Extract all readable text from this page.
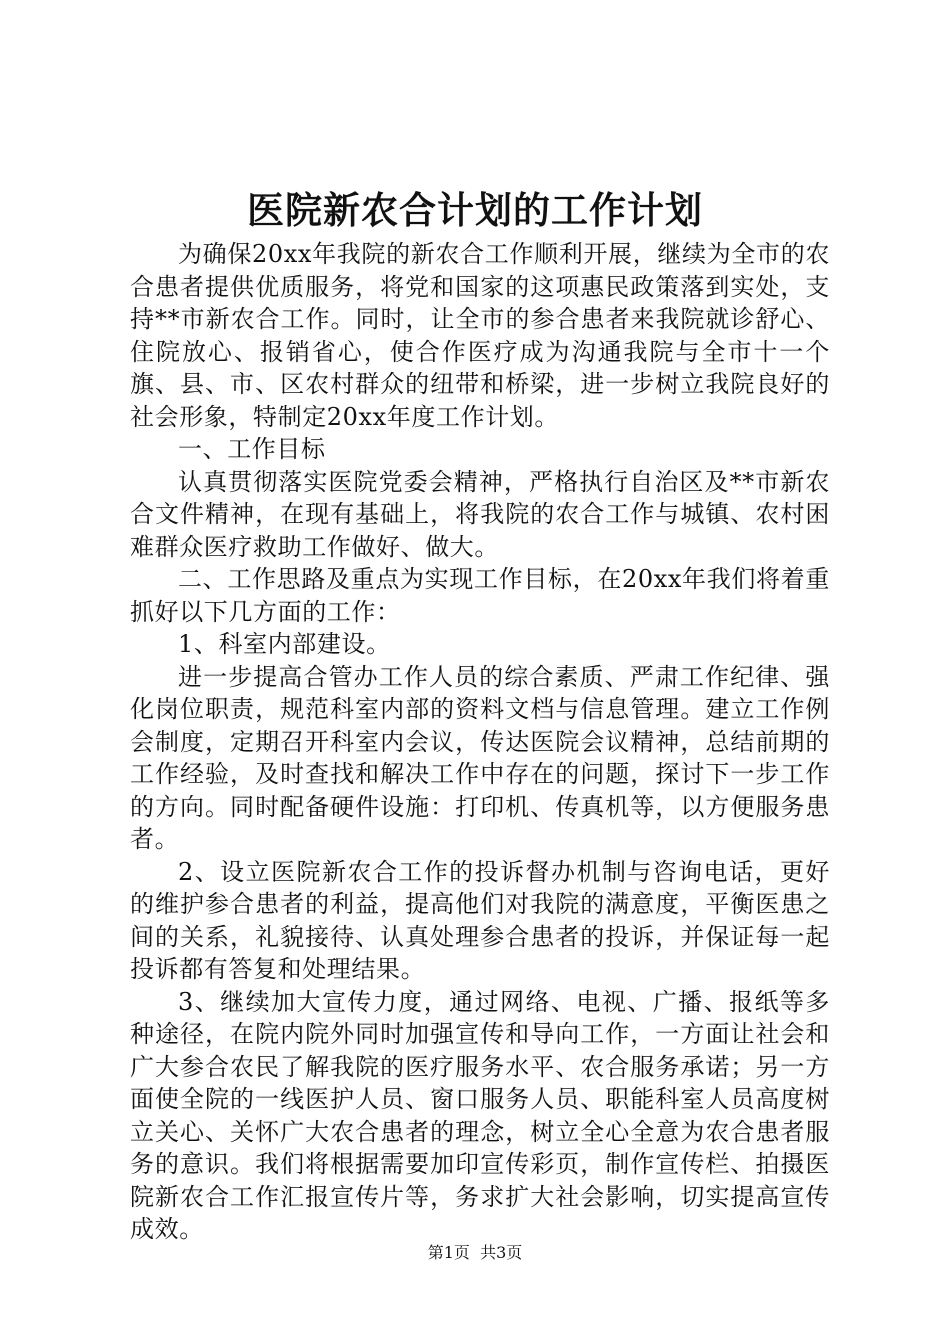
医院新农合计划的工作计划

为确保20xx年我院的新农合工作顺利开展，继续为全市的农合患者提供优质服务，将党和国家的这项惠民政策落到实处，支持**市新农合工作。同时，让全市的参合患者来我院就诊舒心、住院放心、报销省心，使合作医疗成为沟通我院与全市十一个旗、县、市、区农村群众的纽带和桥梁，进一步树立我院良好的社会形象，特制定20xx年度工作计划。

一、工作目标

认真贯彻落实医院党委会精神，严格执行自治区及**市新农合文件精神，在现有基础上，将我院的农合工作与城镇、农村困难群众医疗救助工作做好、做大。

二、工作思路及重点为实现工作目标，在20xx年我们将着重抓好以下几方面的工作：

1、科室内部建设。

进一步提高合管办工作人员的综合素质、严肃工作纪律、强化岗位职责，规范科室内部的资料文档与信息管理。建立工作例会制度，定期召开科室内会议，传达医院会议精神，总结前期的工作经验，及时查找和解决工作中存在的问题，探讨下一步工作的方向。同时配备硬件设施：打印机、传真机等，以方便服务患者。

2、设立医院新农合工作的投诉督办机制与咨询电话，更好的维护参合患者的利益，提高他们对我院的满意度，平衡医患之间的关系，礼貌接待、认真处理参合患者的投诉，并保证每一起投诉都有答复和处理结果。

3、继续加大宣传力度，通过网络、电视、广播、报纸等多种途径，在院内院外同时加强宣传和导向工作，一方面让社会和广大参合农民了解我院的医疗服务水平、农合服务承诺；另一方面使全院的一线医护人员、窗口服务人员、职能科室人员高度树立关心、关怀广大农合患者的理念，树立全心全意为农合患者服务的意识。我们将根据需要加印宣传彩页，制作宣传栏、拍摄医院新农合工作汇报宣传片等，务求扩大社会影响，切实提高宣传成效。

第1页  共3页
